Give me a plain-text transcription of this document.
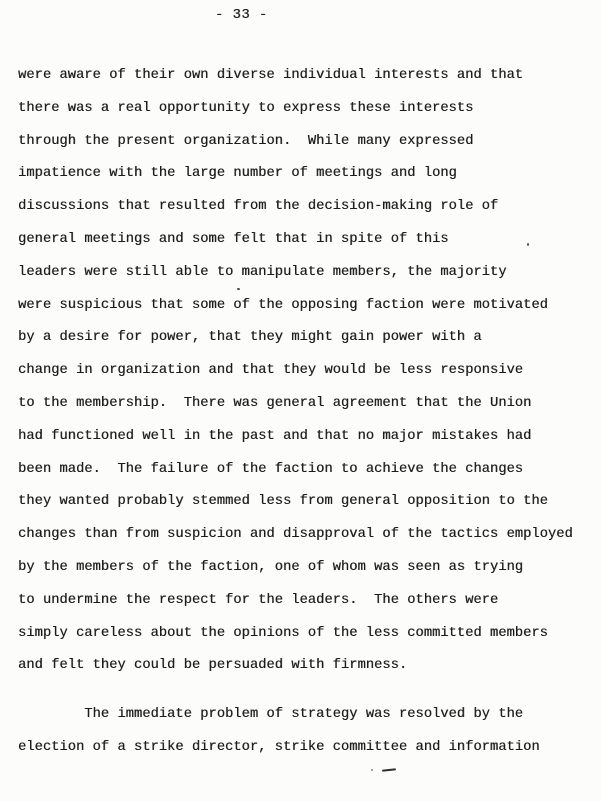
- 33 -
were aware of their own diverse individual interests and that
there was a real opportunity to express these interests
through the present organization.  While many expressed
impatience with the large number of meetings and long
discussions that resulted from the decision-making role of
general meetings and some felt that in spite of this
leaders were still able to manipulate members, the majority
were suspicious that some of the opposing faction were motivated
by a desire for power, that they might gain power with a
change in organization and that they would be less responsive
to the membership.  There was general agreement that the Union
had functioned well in the past and that no major mistakes had
been made.  The failure of the faction to achieve the changes
they wanted probably stemmed less from general opposition to the
changes than from suspicion and disapproval of the tactics employed
by the members of the faction, one of whom was seen as trying
to undermine the respect for the leaders.  The others were
simply careless about the opinions of the less committed members
and felt they could be persuaded with firmness.
The immediate problem of strategy was resolved by the
election of a strike director, strike committee and information
